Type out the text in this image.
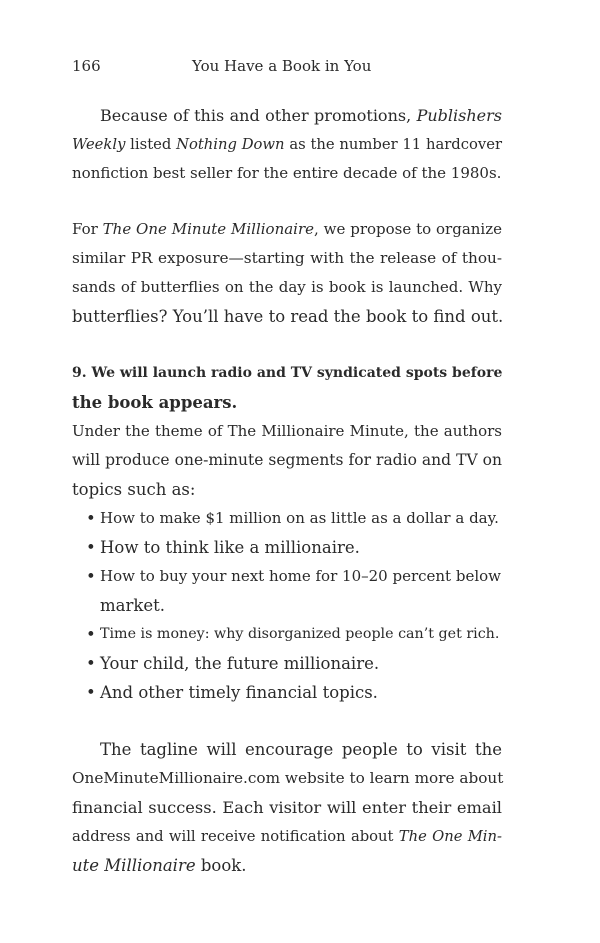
166	You Have a Book in You
Because of this and other promotions, Publishers
Weekly listed Nothing Down as the number 11 hardcover
nonfiction best seller for the entire decade of the 1980s.
For The One Minute Millionaire, we propose to organize
similar PR exposure—starting with the release of thou-
sands of butterflies on the day is book is launched. Why
butterflies? You’ll have to read the book to find out.
9. We will launch radio and TV syndicated spots before
the book appears.
Under the theme of The Millionaire Minute, the authors
will produce one-minute segments for radio and TV on
topics such as:
• How to make $1 million on as little as a dollar a day.
• How to think like a millionaire.
• How to buy your next home for 10–20 percent below
market.
• Time is money: why disorganized people can’t get rich.
• Your child, the future millionaire.
• And other timely financial topics.
The tagline will encourage people to visit the
OneMinuteMillionaire.com website to learn more about
financial success. Each visitor will enter their email
address and will receive notification about The One Min-
ute Millionaire book.
